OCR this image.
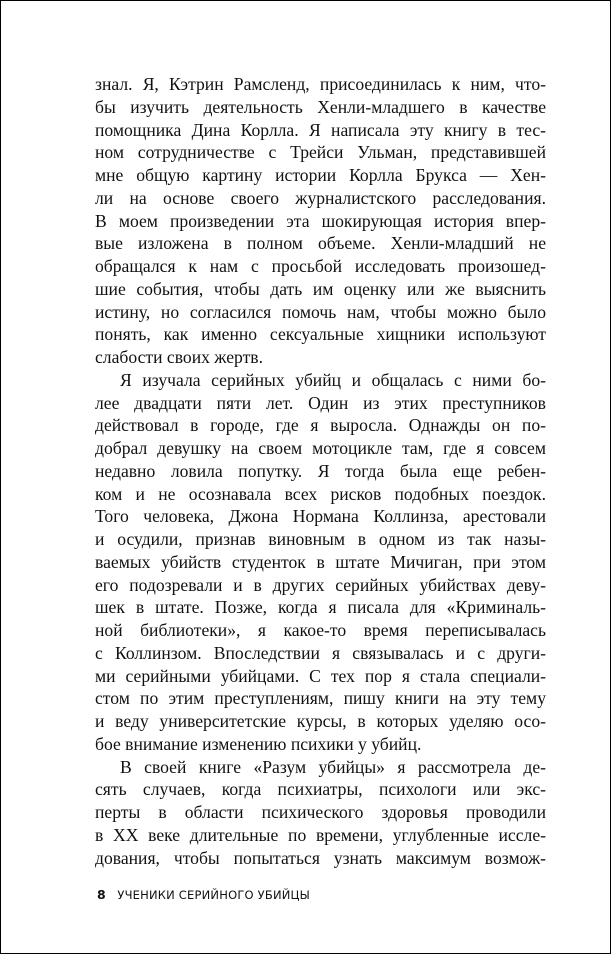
знал. Я, Кэтрин Рамсленд, присоединилась к ним, что-
бы изучить деятельность Хенли-младшего в качестве
помощника Дина Корлла. Я написала эту книгу в тес-
ном сотрудничестве с Трейси Ульман, представившей
мне общую картину истории Корлла Брукса — Хен-
ли на основе своего журналистского расследования.
В моем произведении эта шокирующая история впер-
вые изложена в полном объеме. Хенли-младший не
обращался к нам с просьбой исследовать произошед-
шие события, чтобы дать им оценку или же выяснить
истину, но согласился помочь нам, чтобы можно было
понять, как именно сексуальные хищники используют
слабости своих жертв.
Я изучала серийных убийц и общалась с ними бо-
лее двадцати пяти лет. Один из этих преступников
действовал в городе, где я выросла. Однажды он по-
добрал девушку на своем мотоцикле там, где я совсем
недавно ловила попутку. Я тогда была еще ребен-
ком и не осознавала всех рисков подобных поездок.
Того человека, Джона Нормана Коллинза, арестовали
и осудили, признав виновным в одном из так назы-
ваемых убийств студенток в штате Мичиган, при этом
его подозревали и в других серийных убийствах деву-
шек в штате. Позже, когда я писала для «Криминаль-
ной библиотеки», я какое-то время переписывалась
с Коллинзом. Впоследствии я связывалась и с други-
ми серийными убийцами. С тех пор я стала специали-
стом по этим преступлениям, пишу книги на эту тему
и веду университетские курсы, в которых уделяю осо-
бое внимание изменению психики у убийц.
В своей книге «Разум убийцы» я рассмотрела де-
сять случаев, когда психиатры, психологи или экс-
перты в области психического здоровья проводили
в XX веке длительные по времени, углубленные иссле-
дования, чтобы попытаться узнать максимум возмож-
8 УЧЕНИКИ СЕРИЙНОГО УБИЙЦЫ
